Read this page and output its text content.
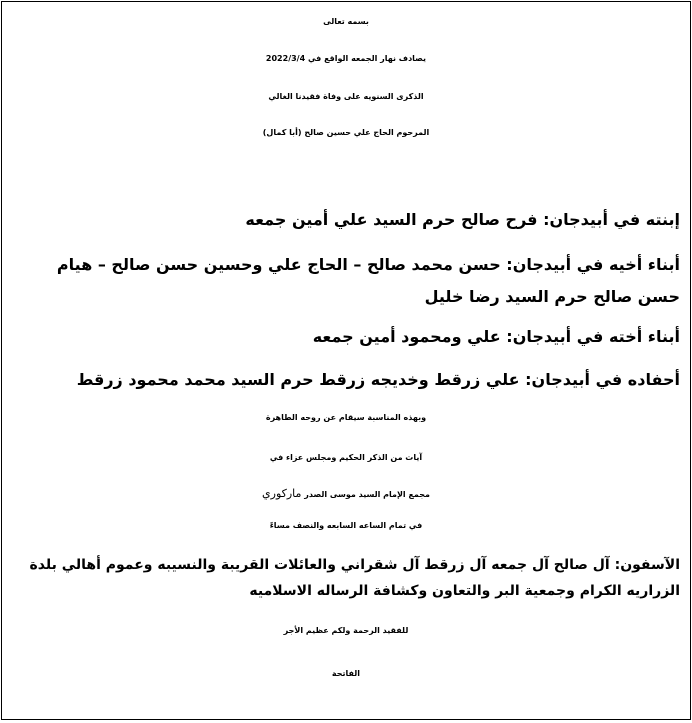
بسمه تعالى
يصادف نهار الجمعه الواقع في 2022/3/4
الذكرى السنويه على وفاة فقيدنا الغالي
المرحوم الحاج علي حسين صالح (أبا كمال)
إبنته في أبيدجان: فرح صالح حرم السيد علي أمين جمعه
أبناء أخيه في أبيدجان: حسن محمد صالح – الحاج علي وحسين حسن صالح – هيام
حسن صالح حرم السيد رضا خليل
أبناء أخته في أبيدجان: علي ومحمود أمين جمعه
أحفاده في أبيدجان: علي زرقط وخديجه زرقط حرم السيد محمد محمود زرقط
وبهذه المناسبة سيقام عن روحه الطاهرة
آيات من الذكر الحكيم ومجلس عزاء في
مجمع الإمام السيد موسى الصدر ماركوري
في تمام الساعه السابعه والنصف مساءً
الآسفون: آل صالح آل جمعه آل زرقط آل شقراني والعائلات القريبة والنسيبه وعموم أهالي بلدة
الزراريه الكرام وجمعية البر والتعاون وكشافة الرساله الاسلاميه
للفقيد الرحمة ولكم عظيم الأجر
الفاتحة
